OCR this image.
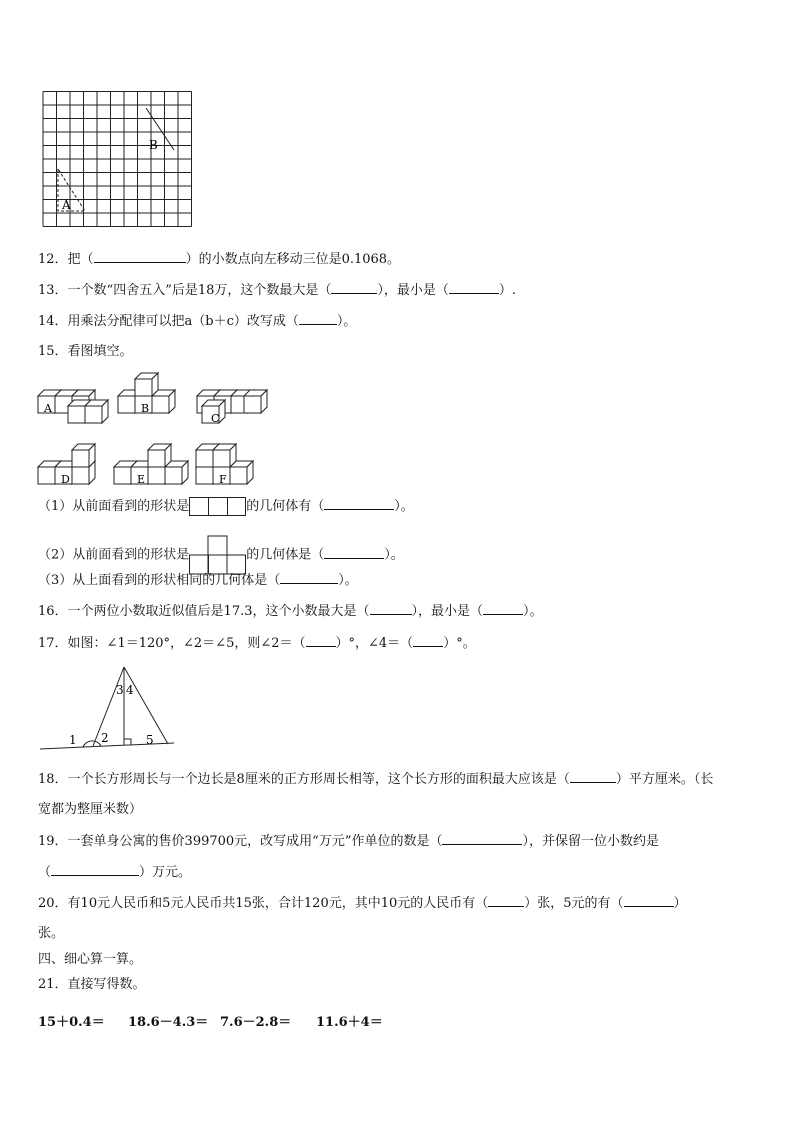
A
B
12．把（	）的小数点向左移动三位是0.1068。
13．一个数“四舍五入”后是18万，这个数最大是（	），最小是（	）.
14．用乘法分配律可以把a（b＋c）改写成（	）。
15．看图填空。
A	B
C
D	E	F
（1）从前面看到的形状是	的几何体有（	）。
（2）从前面看到的形状是	的几何体是（	）。
（3）从上面看到的形状相同的几何体是（	）。
16．一个两位小数取近似值后是17.3，这个小数最大是（	），最小是（	）。
17．如图：∠1＝120°，∠2＝∠5，则∠2＝（ ）°，∠4＝（ ）°。
1 2
3 4
5
18．一个长方形周长与一个边长是8厘米的正方形周长相等，这个长方形的面积最大应该是（	）平方厘米。（长
宽都为整厘米数）
19．一套单身公寓的售价399700元，改写成用“万元”作单位的数是（	），并保留一位小数约是
（	）万元。
20．有10元人民币和5元人民币共15张，合计120元，其中10元的人民币有（	）张，5元的有（	）
张。
四、细心算一算。
21．直接写得数。
15＋0.4＝ 18.6－4.3＝ 7.6－2.8＝ 11.6＋4＝
